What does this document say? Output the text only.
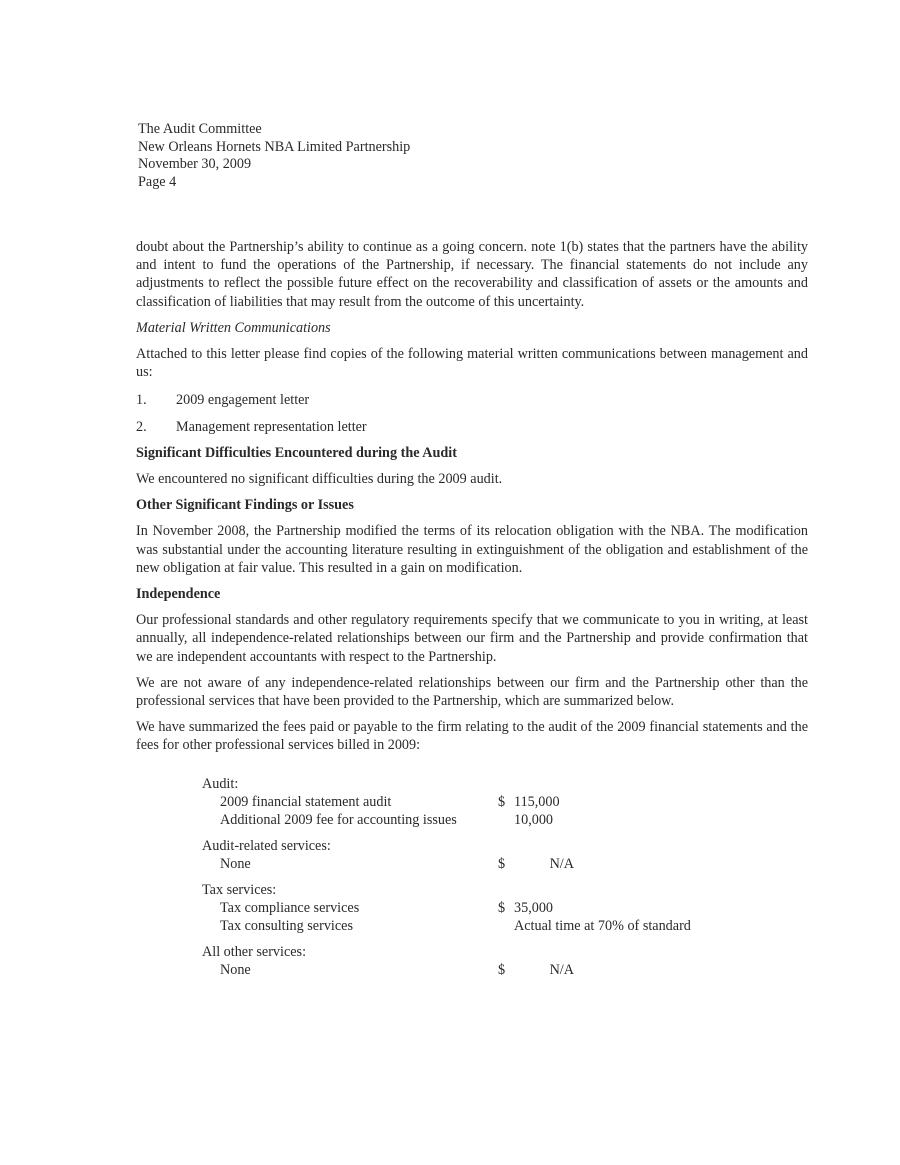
The Audit Committee
New Orleans Hornets NBA Limited Partnership
November 30, 2009
Page 4

doubt about the Partnership’s ability to continue as a going concern. note 1(b) states that the partners have the ability and intent to fund the operations of the Partnership, if necessary. The financial statements do not include any adjustments to reflect the possible future effect on the recoverability and classification of assets or the amounts and classification of liabilities that may result from the outcome of this uncertainty.

Material Written Communications

Attached to this letter please find copies of the following material written communications between management and us:

1.	2009 engagement letter
2.	Management representation letter

Significant Difficulties Encountered during the Audit

We encountered no significant difficulties during the 2009 audit.

Other Significant Findings or Issues

In November 2008, the Partnership modified the terms of its relocation obligation with the NBA. The modification was substantial under the accounting literature resulting in extinguishment of the obligation and establishment of the new obligation at fair value. This resulted in a gain on modification.

Independence

Our professional standards and other regulatory requirements specify that we communicate to you in writing, at least annually, all independence-related relationships between our firm and the Partnership and provide confirmation that we are independent accountants with respect to the Partnership.

We are not aware of any independence-related relationships between our firm and the Partnership other than the professional services that have been provided to the Partnership, which are summarized below.

We have summarized the fees paid or payable to the firm relating to the audit of the 2009 financial statements and the fees for other professional services billed in 2009:

Audit:

2009 financial statement audit	$ 115,000
Additional 2009 fee for accounting issues	10,000

Audit-related services:

None	$	N/A

Tax services:

Tax compliance services	$ 35,000
Tax consulting services	Actual time at 70% of standard

All other services:

None	$	N/A
